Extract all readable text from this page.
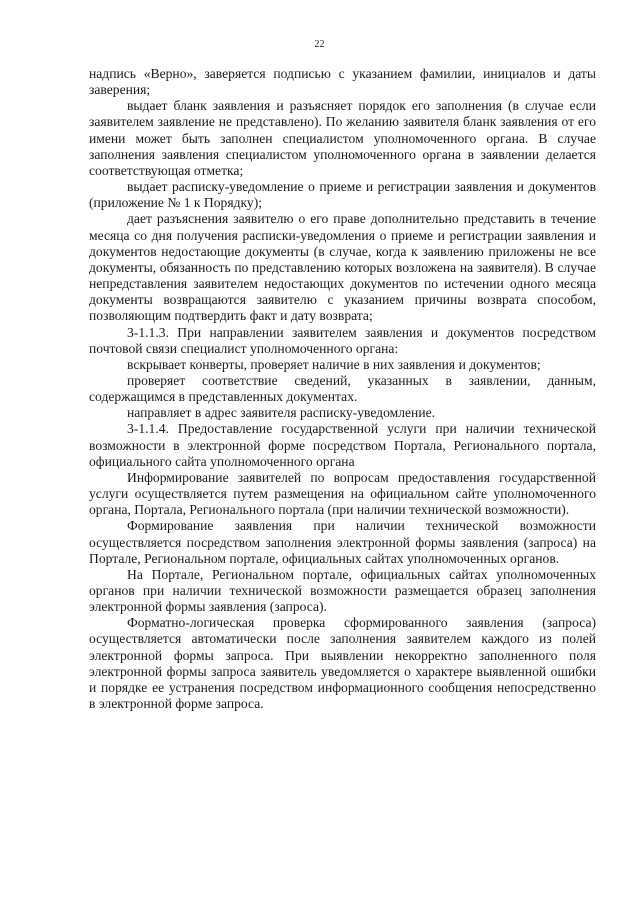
22

надпись «Верно», заверяется подписью с указанием фамилии, инициалов и даты заверения;

выдает бланк заявления и разъясняет порядок его заполнения (в случае если заявителем заявление не представлено). По желанию заявителя бланк заявления от его имени может быть заполнен специалистом уполномоченного органа. В случае заполнения заявления специалистом уполномоченного органа в заявлении делается соответствующая отметка;

выдает расписку-уведомление о приеме и регистрации заявления и документов (приложение № 1 к Порядку);

дает разъяснения заявителю о его праве дополнительно представить в течение месяца со дня получения расписки-уведомления о приеме и регистрации заявления и документов недостающие документы (в случае, когда к заявлению приложены не все документы, обязанность по представлению которых возложена на заявителя). В случае непредставления заявителем недостающих документов по истечении одного месяца документы возвращаются заявителю с указанием причины возврата способом, позволяющим подтвердить факт и дату возврата;

3-1.1.3. При направлении заявителем заявления и документов посредством почтовой связи специалист уполномоченного органа:

вскрывает конверты, проверяет наличие в них заявления и документов;

проверяет соответствие сведений, указанных в заявлении, данным, содержащимся в представленных документах.

направляет в адрес заявителя расписку-уведомление.

3-1.1.4. Предоставление государственной услуги при наличии технической возможности в электронной форме посредством Портала, Регионального портала, официального сайта уполномоченного органа

Информирование заявителей по вопросам предоставления государственной услуги осуществляется путем размещения на официальном сайте уполномоченного органа, Портала, Регионального портала (при наличии технической возможности).

Формирование заявления при наличии технической возможности осуществляется посредством заполнения электронной формы заявления (запроса) на Портале, Региональном портале, официальных сайтах уполномоченных органов.

На Портале, Региональном портале, официальных сайтах уполномоченных органов при наличии технической возможности размещается образец заполнения электронной формы заявления (запроса).

Форматно-логическая проверка сформированного заявления (запроса) осуществляется автоматически после заполнения заявителем каждого из полей электронной формы запроса. При выявлении некорректно заполненного поля электронной формы запроса заявитель уведомляется о характере выявленной ошибки и порядке ее устранения посредством информационного сообщения непосредственно в электронной форме запроса.
